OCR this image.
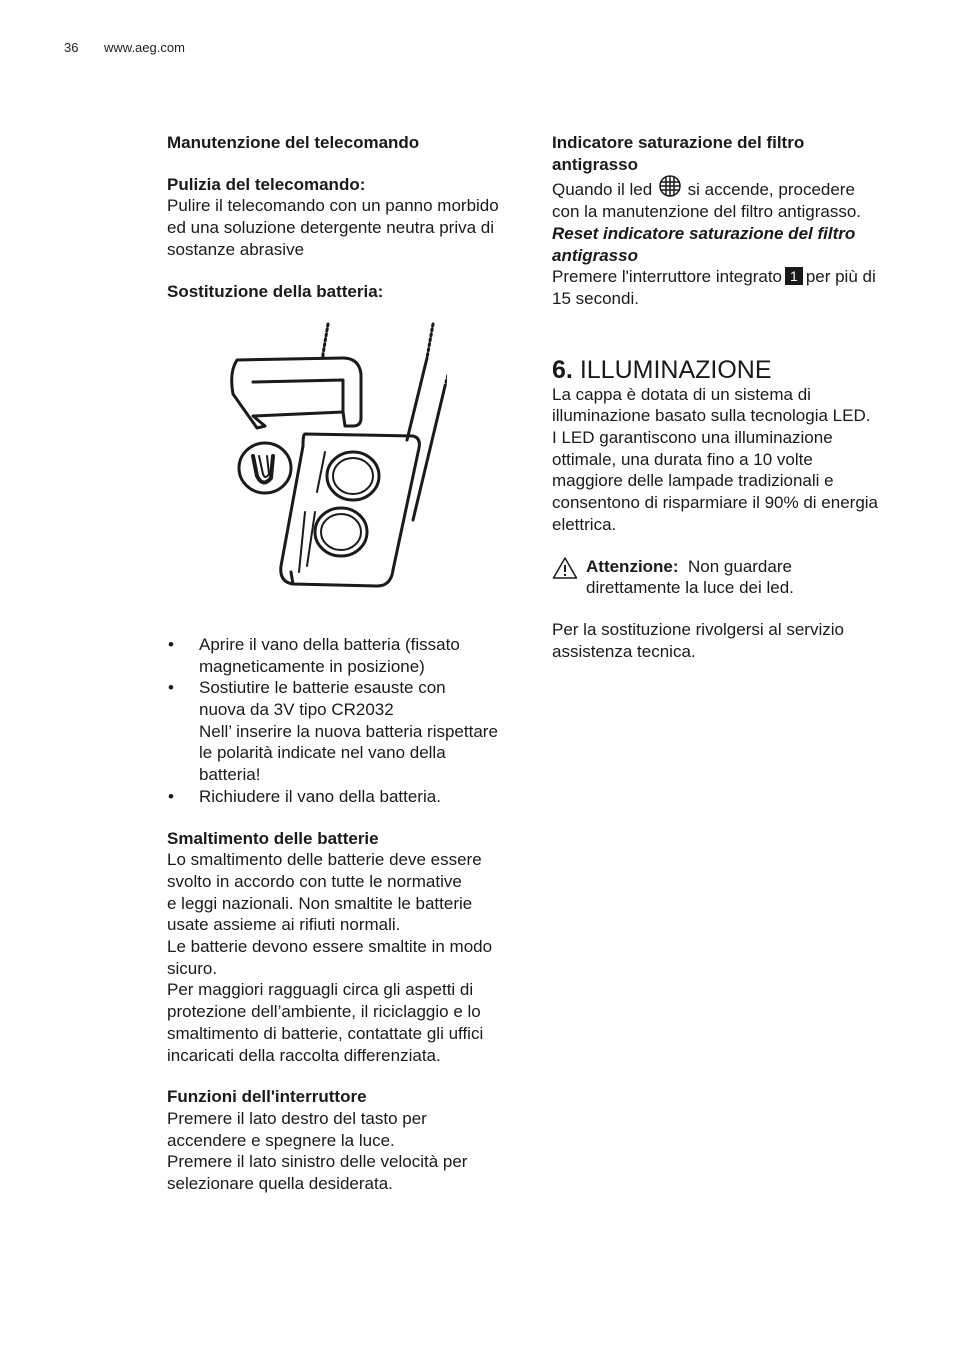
36 www.aeg.com

Manutenzione del telecomando

Pulizia del telecomando:

Pulire il telecomando con un panno morbido
ed una soluzione detergente neutra priva di
sostanze abrasive

Sostituzione della batteria:

• Aprire il vano della batteria (fissato
magneticamente in posizione)
• Sostiutire le batterie esauste con
nuova da 3V tipo CR2032
Nell’ inserire la nuova batteria rispettare
le polarità indicate nel vano della
batteria!
• Richiudere il vano della batteria.

Smaltimento delle batterie

Lo smaltimento delle batterie deve essere
svolto in accordo con tutte le normative
e leggi nazionali. Non smaltite le batterie
usate assieme ai rifiuti normali.
Le batterie devono essere smaltite in modo
sicuro.
Per maggiori ragguagli circa gli aspetti di
protezione dell’ambiente, il riciclaggio e lo
smaltimento di batterie, contattate gli uffici
incaricati della raccolta differenziata.

Funzioni dell'interruttore

Premere il lato destro del tasto per
accendere e spegnere la luce.
Premere il lato sinistro delle velocità per
selezionare quella desiderata.

Indicatore saturazione del filtro
antigrasso

Quando il led si accende, procedere
con la manutenzione del filtro antigrasso.

Reset indicatore saturazione del filtro
antigrasso

Premere l'interruttore integrato 1 per più di
15 secondi.

6. ILLUMINAZIONE

La cappa è dotata di un sistema di
illuminazione basato sulla tecnologia LED.
I LED garantiscono una illuminazione
ottimale, una durata fino a 10 volte
maggiore delle lampade tradizionali e
consentono di risparmiare il 90% di energia
elettrica.

Attenzione: Non guardare
direttamente la luce dei led.

Per la sostituzione rivolgersi al servizio
assistenza tecnica.
